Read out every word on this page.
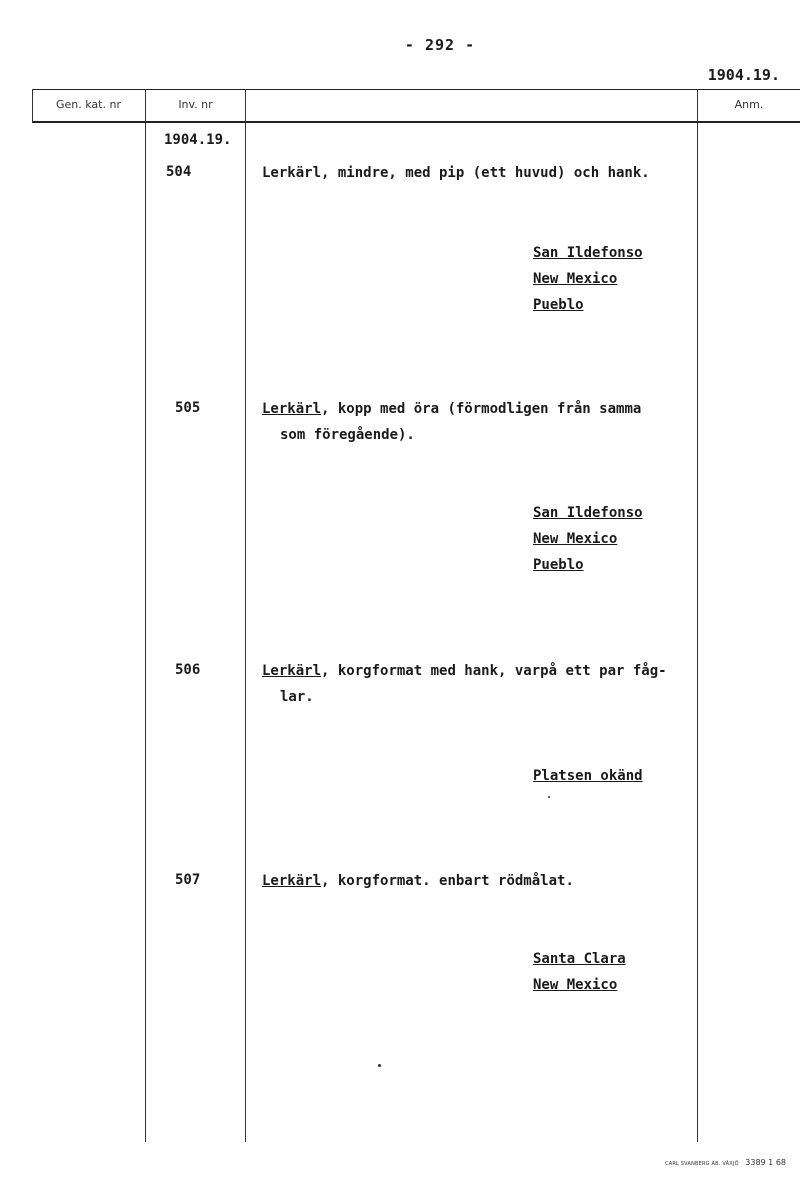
- 292 -
1904.19.
Gen. kat. nr	Inv. nr	Anm.
1904.19.
504	Lerkärl, mindre, med pip (ett huvud) och hank.
San Ildefonso
New Mexico
Pueblo
505	Lerkärl, kopp med öra (förmodligen från samma
som föregående).
San Ildefonso
New Mexico
Pueblo
506	Lerkärl, korgformat med hank, varpå ett par fåg-
lar.
Platsen okänd
507	Lerkärl, korgformat. enbart rödmålat.
Santa Clara
New Mexico
CARL SVANBERG AB. VÄXJÖ 3389 1 68
